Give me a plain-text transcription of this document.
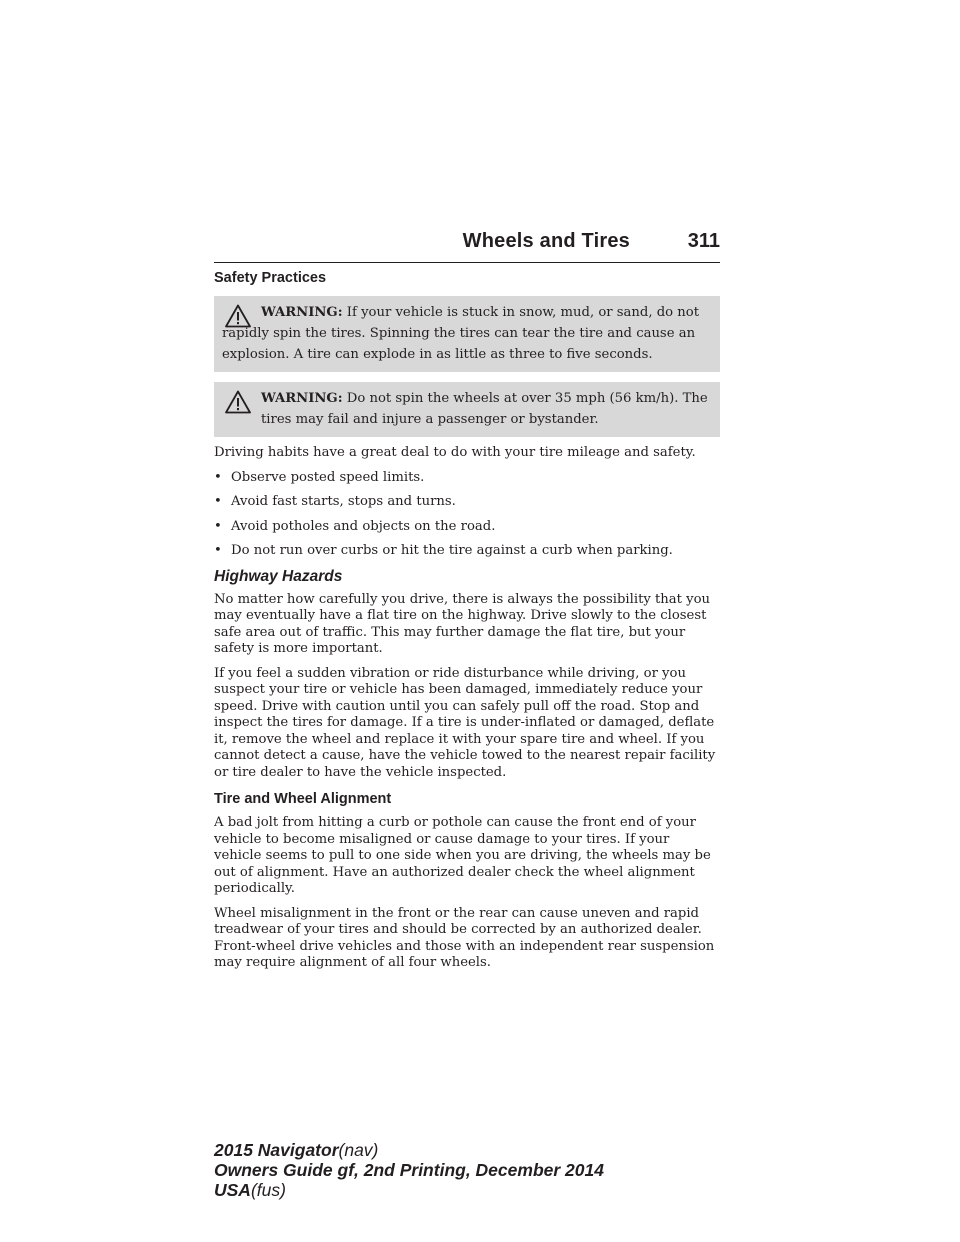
Wheels and Tires	311
Safety Practices
WARNING: If your vehicle is stuck in snow, mud, or sand, do not rapidly spin the tires. Spinning the tires can tear the tire and cause an explosion. A tire can explode in as little as three to five seconds.
WARNING: Do not spin the wheels at over 35 mph (56 km/h). The tires may fail and injure a passenger or bystander.

Driving habits have a great deal to do with your tire mileage and safety.

• Observe posted speed limits.
• Avoid fast starts, stops and turns.
• Avoid potholes and objects on the road.
• Do not run over curbs or hit the tire against a curb when parking.
Highway Hazards

No matter how carefully you drive, there is always the possibility that you may eventually have a flat tire on the highway. Drive slowly to the closest safe area out of traffic. This may further damage the flat tire, but your safety is more important.

If you feel a sudden vibration or ride disturbance while driving, or you suspect your tire or vehicle has been damaged, immediately reduce your speed. Drive with caution until you can safely pull off the road. Stop and inspect the tires for damage. If a tire is under-inflated or damaged, deflate it, remove the wheel and replace it with your spare tire and wheel. If you cannot detect a cause, have the vehicle towed to the nearest repair facility or tire dealer to have the vehicle inspected.

Tire and Wheel Alignment

A bad jolt from hitting a curb or pothole can cause the front end of your vehicle to become misaligned or cause damage to your tires. If your vehicle seems to pull to one side when you are driving, the wheels may be out of alignment. Have an authorized dealer check the wheel alignment periodically.

Wheel misalignment in the front or the rear can cause uneven and rapid treadwear of your tires and should be corrected by an authorized dealer. Front-wheel drive vehicles and those with an independent rear suspension may require alignment of all four wheels.

2015 Navigator(nav)
Owners Guide gf, 2nd Printing, December 2014
USA(fus)
